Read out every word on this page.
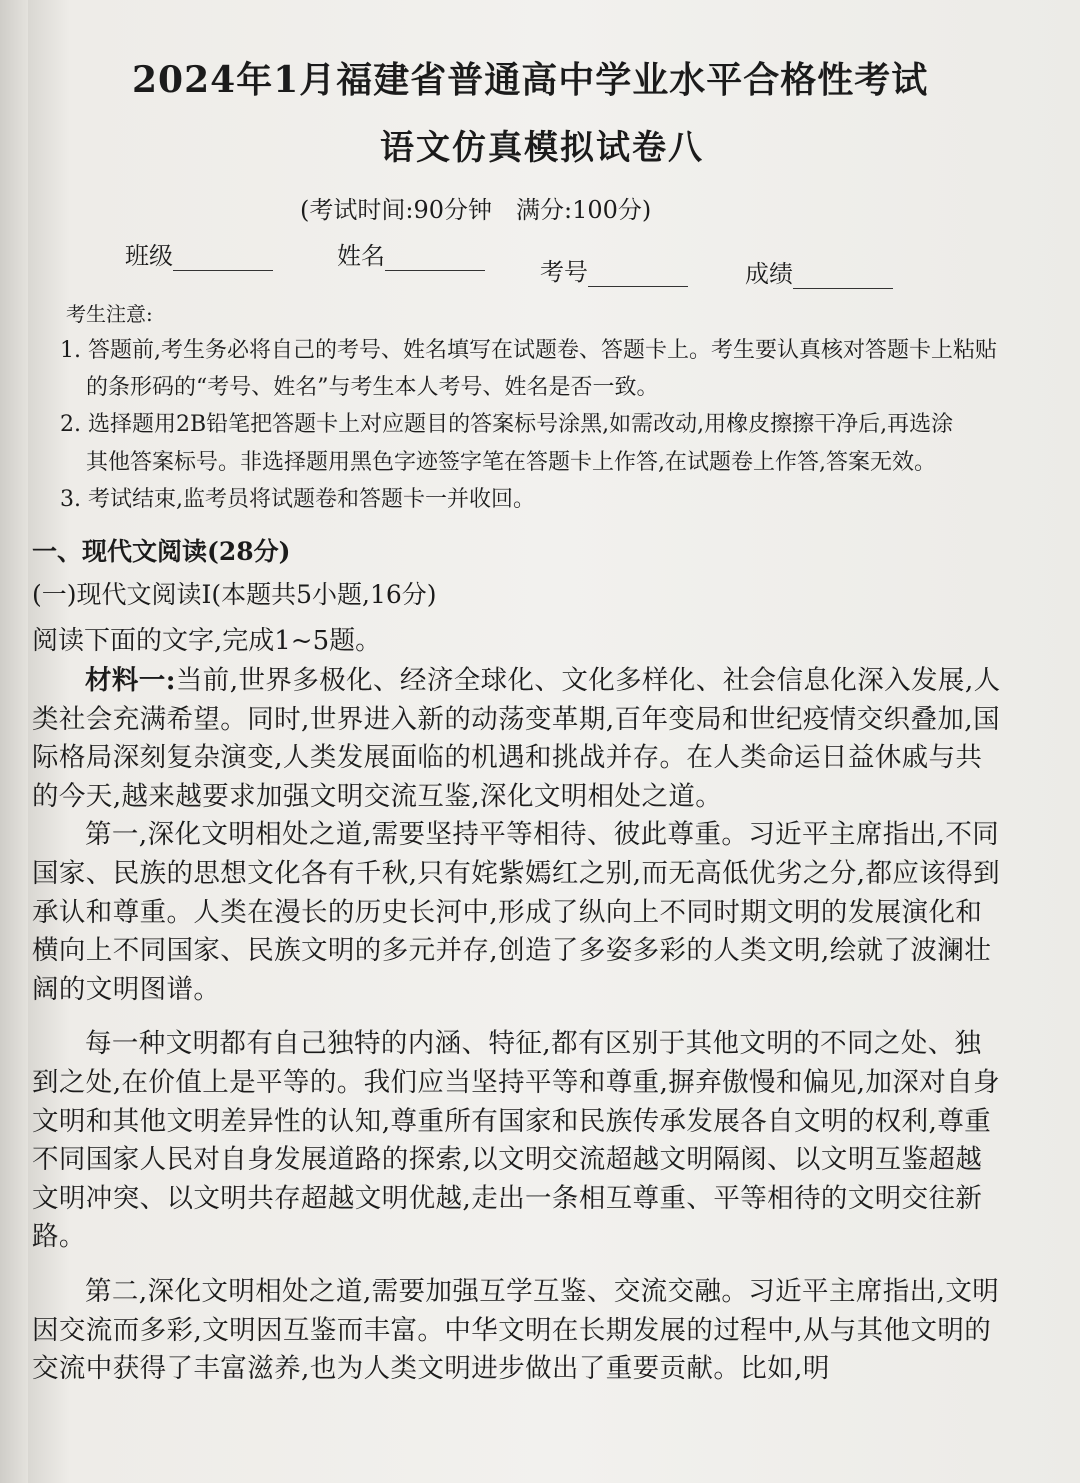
2024年1月福建省普通高中学业水平合格性考试
语文仿真模拟试卷八
(考试时间:90分钟　满分:100分)
班级	姓名
考号	成绩
考生注意:
1. 答题前,考生务必将自己的考号、姓名填写在试题卷、答题卡上。考生要认真核对答题卡上粘贴
的条形码的“考号、姓名”与考生本人考号、姓名是否一致。
2. 选择题用2B铅笔把答题卡上对应题目的答案标号涂黑,如需改动,用橡皮擦擦干净后,再选涂
其他答案标号。非选择题用黑色字迹签字笔在答题卡上作答,在试题卷上作答,答案无效。
3. 考试结束,监考员将试题卷和答题卡一并收回。
一、现代文阅读(28分)
(一)现代文阅读Ⅰ(本题共5小题,16分)
阅读下面的文字,完成1~5题。

材料一:当前,世界多极化、经济全球化、文化多样化、社会信息化深入发展,人类社会充满希望。同时,世界进入新的动荡变革期,百年变局和世纪疫情交织叠加,国际格局深刻复杂演变,人类发展面临的机遇和挑战并存。在人类命运日益休戚与共的今天,越来越要求加强文明交流互鉴,深化文明相处之道。

第一,深化文明相处之道,需要坚持平等相待、彼此尊重。习近平主席指出,不同国家、民族的思想文化各有千秋,只有姹紫嫣红之别,而无高低优劣之分,都应该得到承认和尊重。人类在漫长的历史长河中,形成了纵向上不同时期文明的发展演化和横向上不同国家、民族文明的多元并存,创造了多姿多彩的人类文明,绘就了波澜壮阔的文明图谱。

每一种文明都有自己独特的内涵、特征,都有区别于其他文明的不同之处、独到之处,在价值上是平等的。我们应当坚持平等和尊重,摒弃傲慢和偏见,加深对自身文明和其他文明差异性的认知,尊重所有国家和民族传承发展各自文明的权利,尊重不同国家人民对自身发展道路的探索,以文明交流超越文明隔阂、以文明互鉴超越文明冲突、以文明共存超越文明优越,走出一条相互尊重、平等相待的文明交往新路。

第二,深化文明相处之道,需要加强互学互鉴、交流交融。习近平主席指出,文明因交流而多彩,文明因互鉴而丰富。中华文明在长期发展的过程中,从与其他文明的交流中获得了丰富滋养,也为人类文明进步做出了重要贡献。比如,明
